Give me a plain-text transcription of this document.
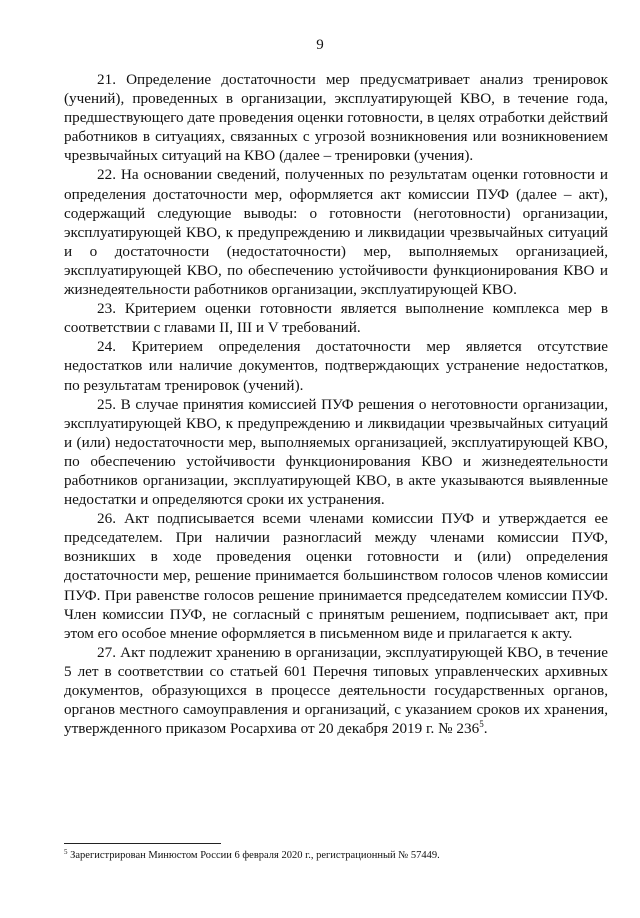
9

21. Определение достаточности мер предусматривает анализ тренировок (учений), проведенных в организации, эксплуатирующей КВО, в течение года, предшествующего дате проведения оценки готовности, в целях отработки действий работников в ситуациях, связанных с угрозой возникновения или возникновением чрезвычайных ситуаций на КВО (далее – тренировки (учения).

22. На основании сведений, полученных по результатам оценки готовности и определения достаточности мер, оформляется акт комиссии ПУФ (далее – акт), содержащий следующие выводы: о готовности (неготовности) организации, эксплуатирующей КВО, к предупреждению и ликвидации чрезвычайных ситуаций и о достаточности (недостаточности) мер, выполняемых организацией, эксплуатирующей КВО, по обеспечению устойчивости функционирования КВО и жизнедеятельности работников организации, эксплуатирующей КВО.

23. Критерием оценки готовности является выполнение комплекса мер в соответствии с главами II, III и V требований.

24. Критерием определения достаточности мер является отсутствие недостатков или наличие документов, подтверждающих устранение недостатков, по результатам тренировок (учений).

25. В случае принятия комиссией ПУФ решения о неготовности организации, эксплуатирующей КВО, к предупреждению и ликвидации чрезвычайных ситуаций и (или) недостаточности мер, выполняемых организацией, эксплуатирующей КВО, по обеспечению устойчивости функционирования КВО и жизнедеятельности работников организации, эксплуатирующей КВО, в акте указываются выявленные недостатки и определяются сроки их устранения.

26. Акт подписывается всеми членами комиссии ПУФ и утверждается ее председателем. При наличии разногласий между членами комиссии ПУФ, возникших в ходе проведения оценки готовности и (или) определения достаточности мер, решение принимается большинством голосов членов комиссии ПУФ. При равенстве голосов решение принимается председателем комиссии ПУФ. Член комиссии ПУФ, не согласный с принятым решением, подписывает акт, при этом его особое мнение оформляется в письменном виде и прилагается к акту.

27. Акт подлежит хранению в организации, эксплуатирующей КВО, в течение 5 лет в соответствии со статьей 601 Перечня типовых управленческих архивных документов, образующихся в процессе деятельности государственных органов, органов местного самоуправления и организаций, с указанием сроков их хранения, утвержденного приказом Росархива от 20 декабря 2019 г. № $236^5$.

$^5$ Зарегистрирован Минюстом России 6 февраля 2020 г., регистрационный № 57449.
